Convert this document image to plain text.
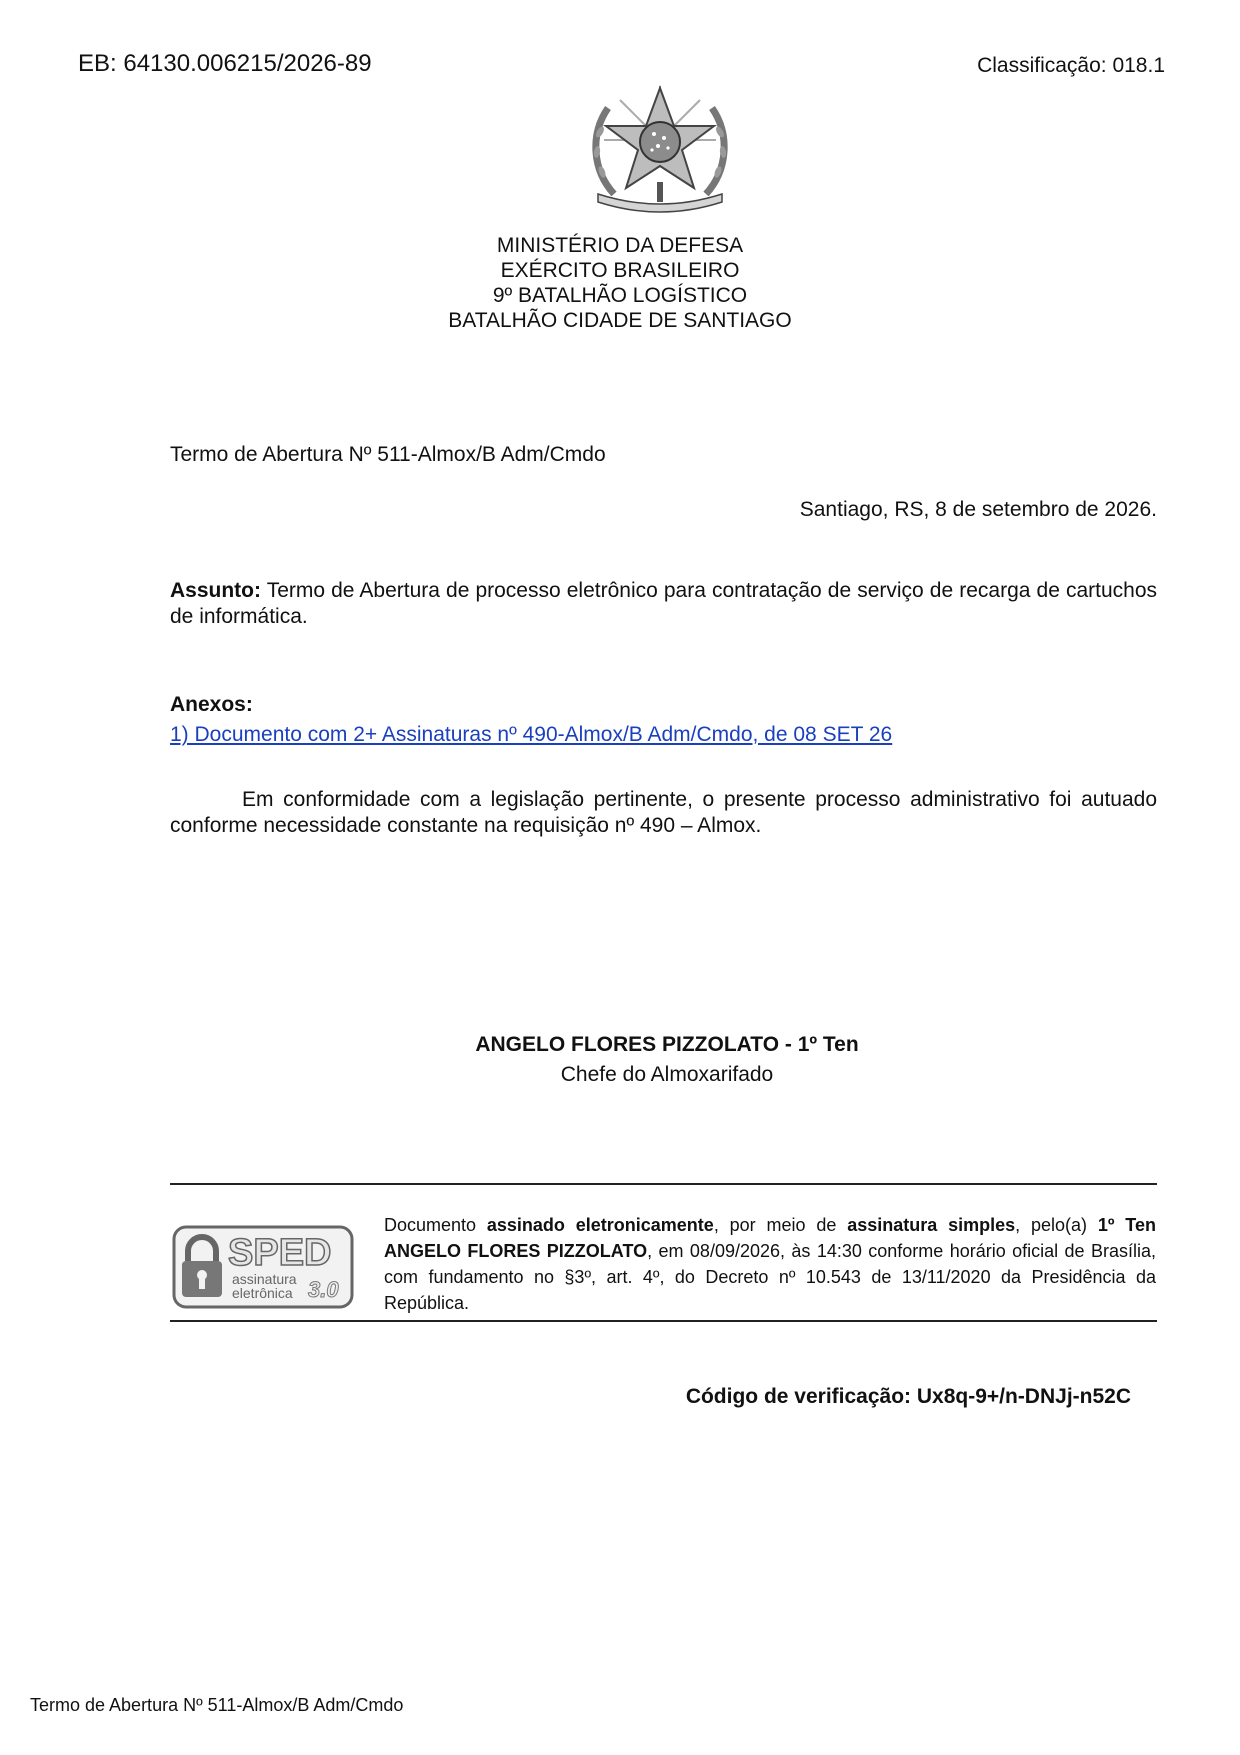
EB: 64130.006215/2026-89	Classificação: 018.1
MINISTÉRIO DA DEFESA
EXÉRCITO BRASILEIRO
9º BATALHÃO LOGÍSTICO
BATALHÃO CIDADE DE SANTIAGO
Termo de Abertura Nº 511-Almox/B Adm/Cmdo
Santiago, RS, 8 de setembro de 2026.
Assunto: Termo de Abertura de processo eletrônico para contratação de serviço de recarga de cartuchos de informática.
Anexos:
1) Documento com 2+ Assinaturas nº 490-Almox/B Adm/Cmdo, de 08 SET 26
Em conformidade com a legislação pertinente, o presente processo administrativo foi autuado conforme necessidade constante na requisição nº 490 – Almox.
ANGELO FLORES PIZZOLATO - 1º Ten
Chefe do Almoxarifado
SPED
assinatura
eletrônica 3.0
Documento assinado eletronicamente, por meio de assinatura simples, pelo(a) 1º Ten ANGELO FLORES PIZZOLATO, em 08/09/2026, às 14:30 conforme horário oficial de Brasília, com fundamento no §3º, art. 4º, do Decreto nº 10.543 de 13/11/2020 da Presidência da República.
Código de verificação: Ux8q-9+/n-DNJj-n52C
Termo de Abertura Nº 511-Almox/B Adm/Cmdo
